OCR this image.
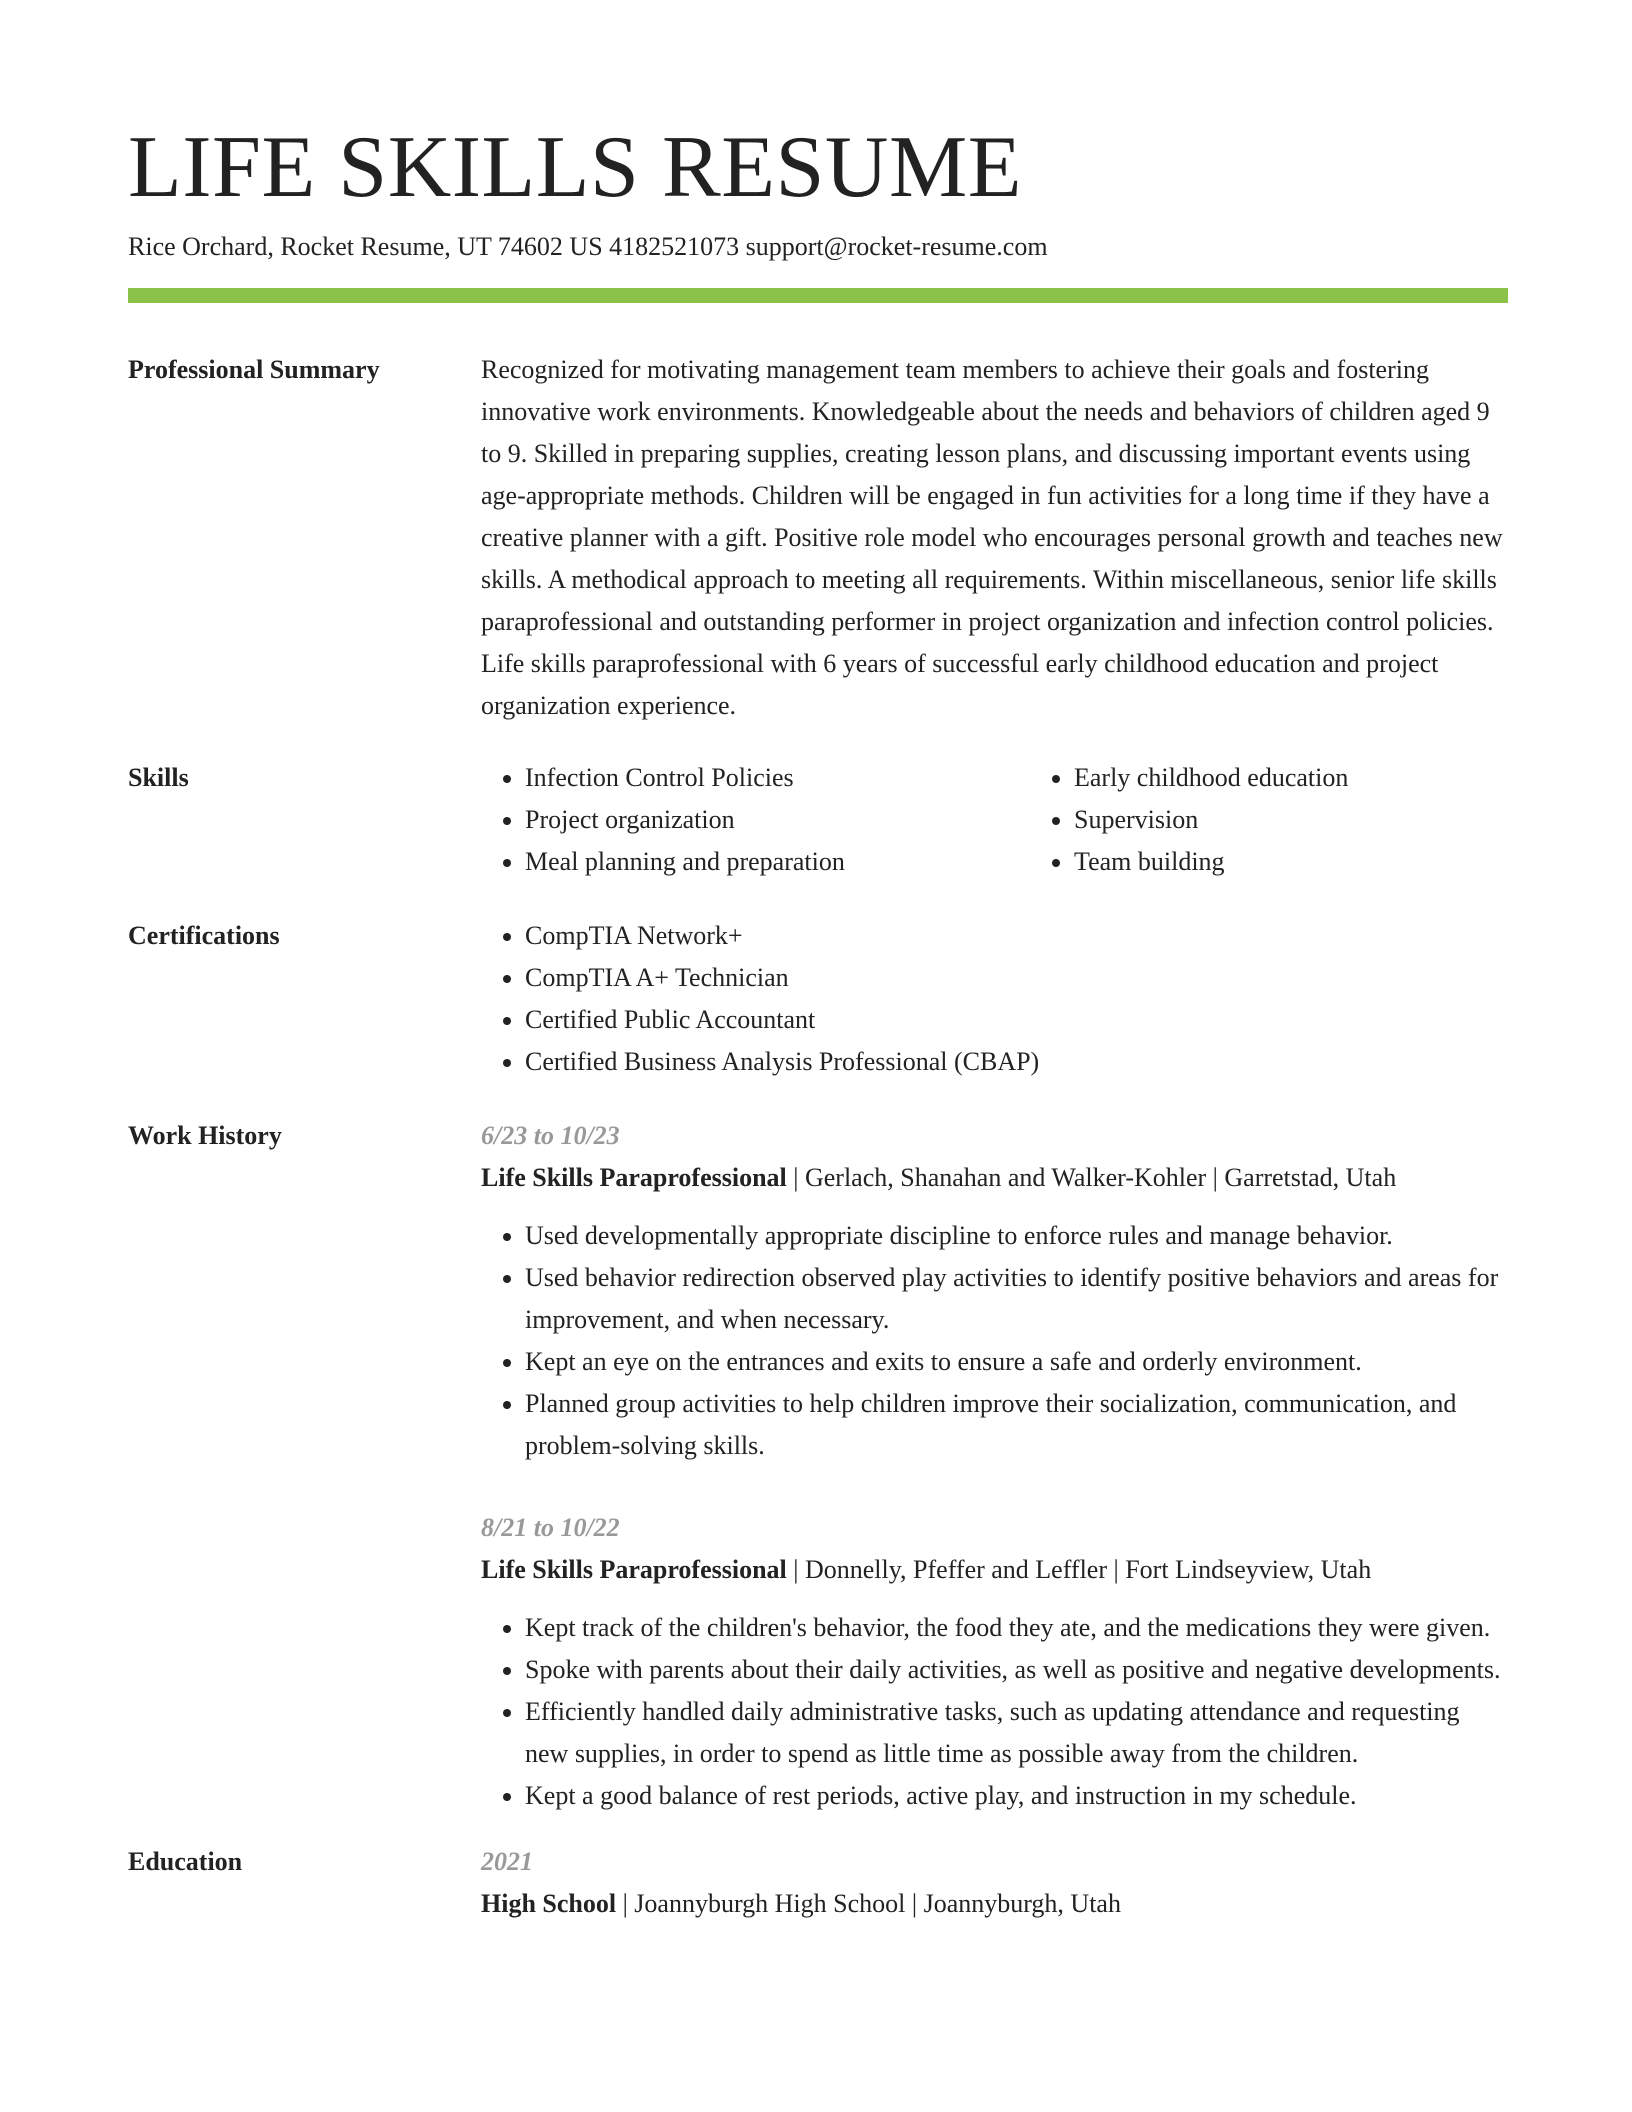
LIFE SKILLS RESUME
Rice Orchard, Rocket Resume, UT 74602 US 4182521073 support@rocket-resume.com
Professional Summary	Recognized for motivating management team members to achieve their goals and fostering innovative work environments. Knowledgeable about the needs and behaviors of children aged 9 to 9. Skilled in preparing supplies, creating lesson plans, and discussing important events using age-appropriate methods. Children will be engaged in fun activities for a long time if they have a creative planner with a gift. Positive role model who encourages personal growth and teaches new skills. A methodical approach to meeting all requirements. Within miscellaneous, senior life skills paraprofessional and outstanding performer in project organization and infection control policies. Life skills paraprofessional with 6 years of successful early childhood education and project organization experience.

Skills	• Infection Control Policies
• Project organization
• Meal planning and preparation
• Early childhood education
• Supervision
• Team building
Certifications	• CompTIA Network+
• CompTIA A+ Technician
• Certified Public Accountant
• Certified Business Analysis Professional (CBAP)
Work History	6/23 to 10/23
Life Skills Paraprofessional | Gerlach, Shanahan and Walker-Kohler | Garretstad, Utah
• Used developmentally appropriate discipline to enforce rules and manage behavior.
• Used behavior redirection observed play activities to identify positive behaviors and areas for improvement, and when necessary.
• Kept an eye on the entrances and exits to ensure a safe and orderly environment.
• Planned group activities to help children improve their socialization, communication, and problem-solving skills.
8/21 to 10/22
Life Skills Paraprofessional | Donnelly, Pfeffer and Leffler | Fort Lindseyview, Utah
• Kept track of the children's behavior, the food they ate, and the medications they were given.
• Spoke with parents about their daily activities, as well as positive and negative developments.
• Efficiently handled daily administrative tasks, such as updating attendance and requesting new supplies, in order to spend as little time as possible away from the children.
• Kept a good balance of rest periods, active play, and instruction in my schedule.
Education	2021
High School | Joannyburgh High School | Joannyburgh, Utah
